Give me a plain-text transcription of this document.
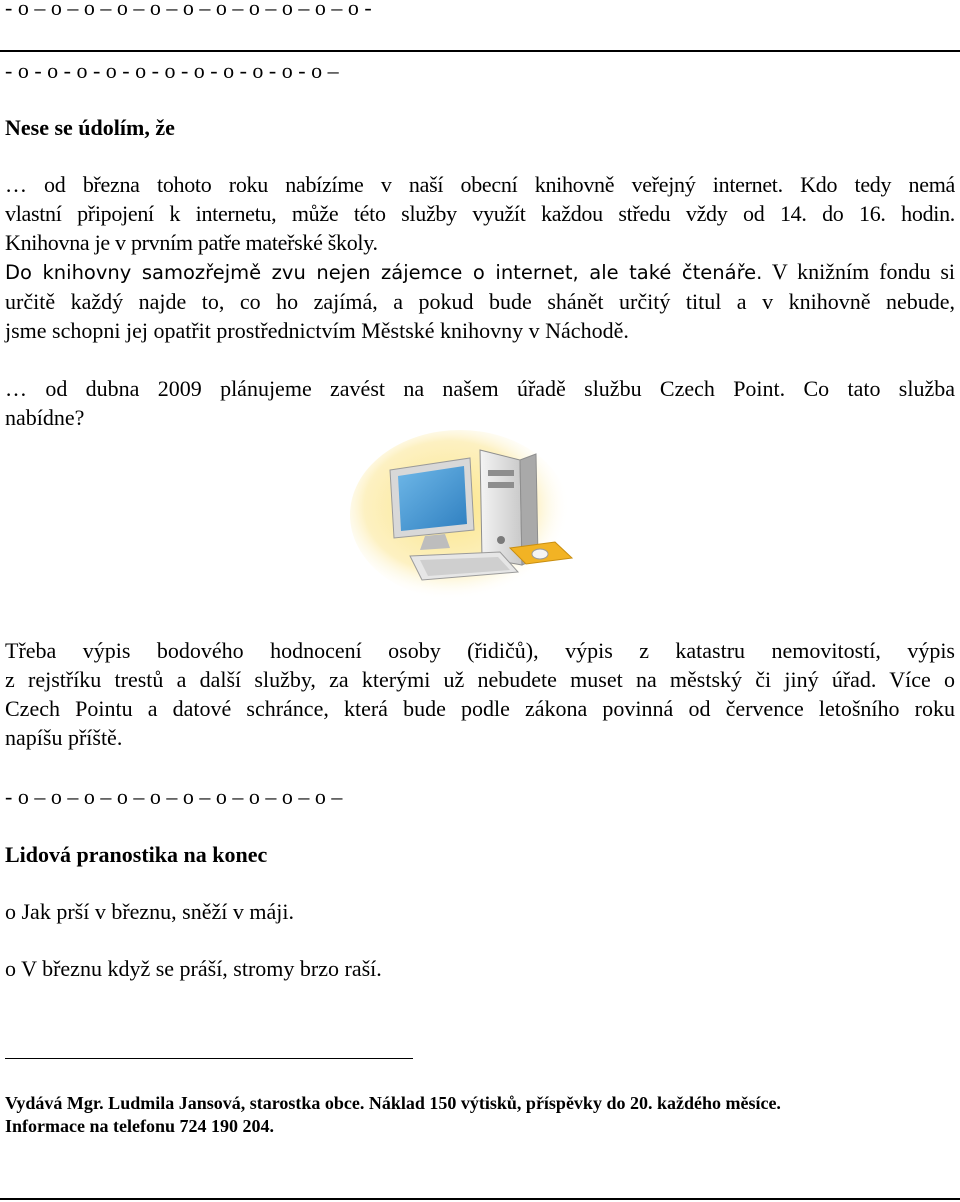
- o – o – o – o – o – o – o – o – o – o – o -
- o - o - o - o - o - o - o - o - o - o - o –
Nese se údolím, že
… od března tohoto roku nabízíme v naší obecní knihovně veřejný internet. Kdo tedy nemá
vlastní připojení k internetu, může této služby využít každou středu vždy od 14. do 16. hodin.
Knihovna je v prvním patře mateřské školy.
Do knihovny samozřejmě zvu nejen zájemce o internet, ale také čtenáře. V knižním fondu si
určitě každý najde to, co ho zajímá, a pokud bude shánět určitý titul a v knihovně nebude,
jsme schopni jej opatřit prostřednictvím Městské knihovny v Náchodě.
… od dubna 2009 plánujeme zavést na našem úřadě službu Czech Point. Co tato služba
nabídne?
Třeba výpis bodového hodnocení osoby (řidičů), výpis z katastru nemovitostí, výpis
z rejstříku trestů a další služby, za kterými už nebudete muset na městský či jiný úřad. Více o
Czech Pointu a datové schránce, která bude podle zákona povinná od července letošního roku
napíšu příště.
- o – o – o – o – o – o – o – o – o – o –
Lidová pranostika na konec
o Jak prší v březnu, sněží v máji.
o V březnu když se práší, stromy brzo raší.
Vydává Mgr. Ludmila Jansová, starostka obce. Náklad 150 výtisků, příspěvky do 20. každého měsíce.
Informace na telefonu 724 190 204.
